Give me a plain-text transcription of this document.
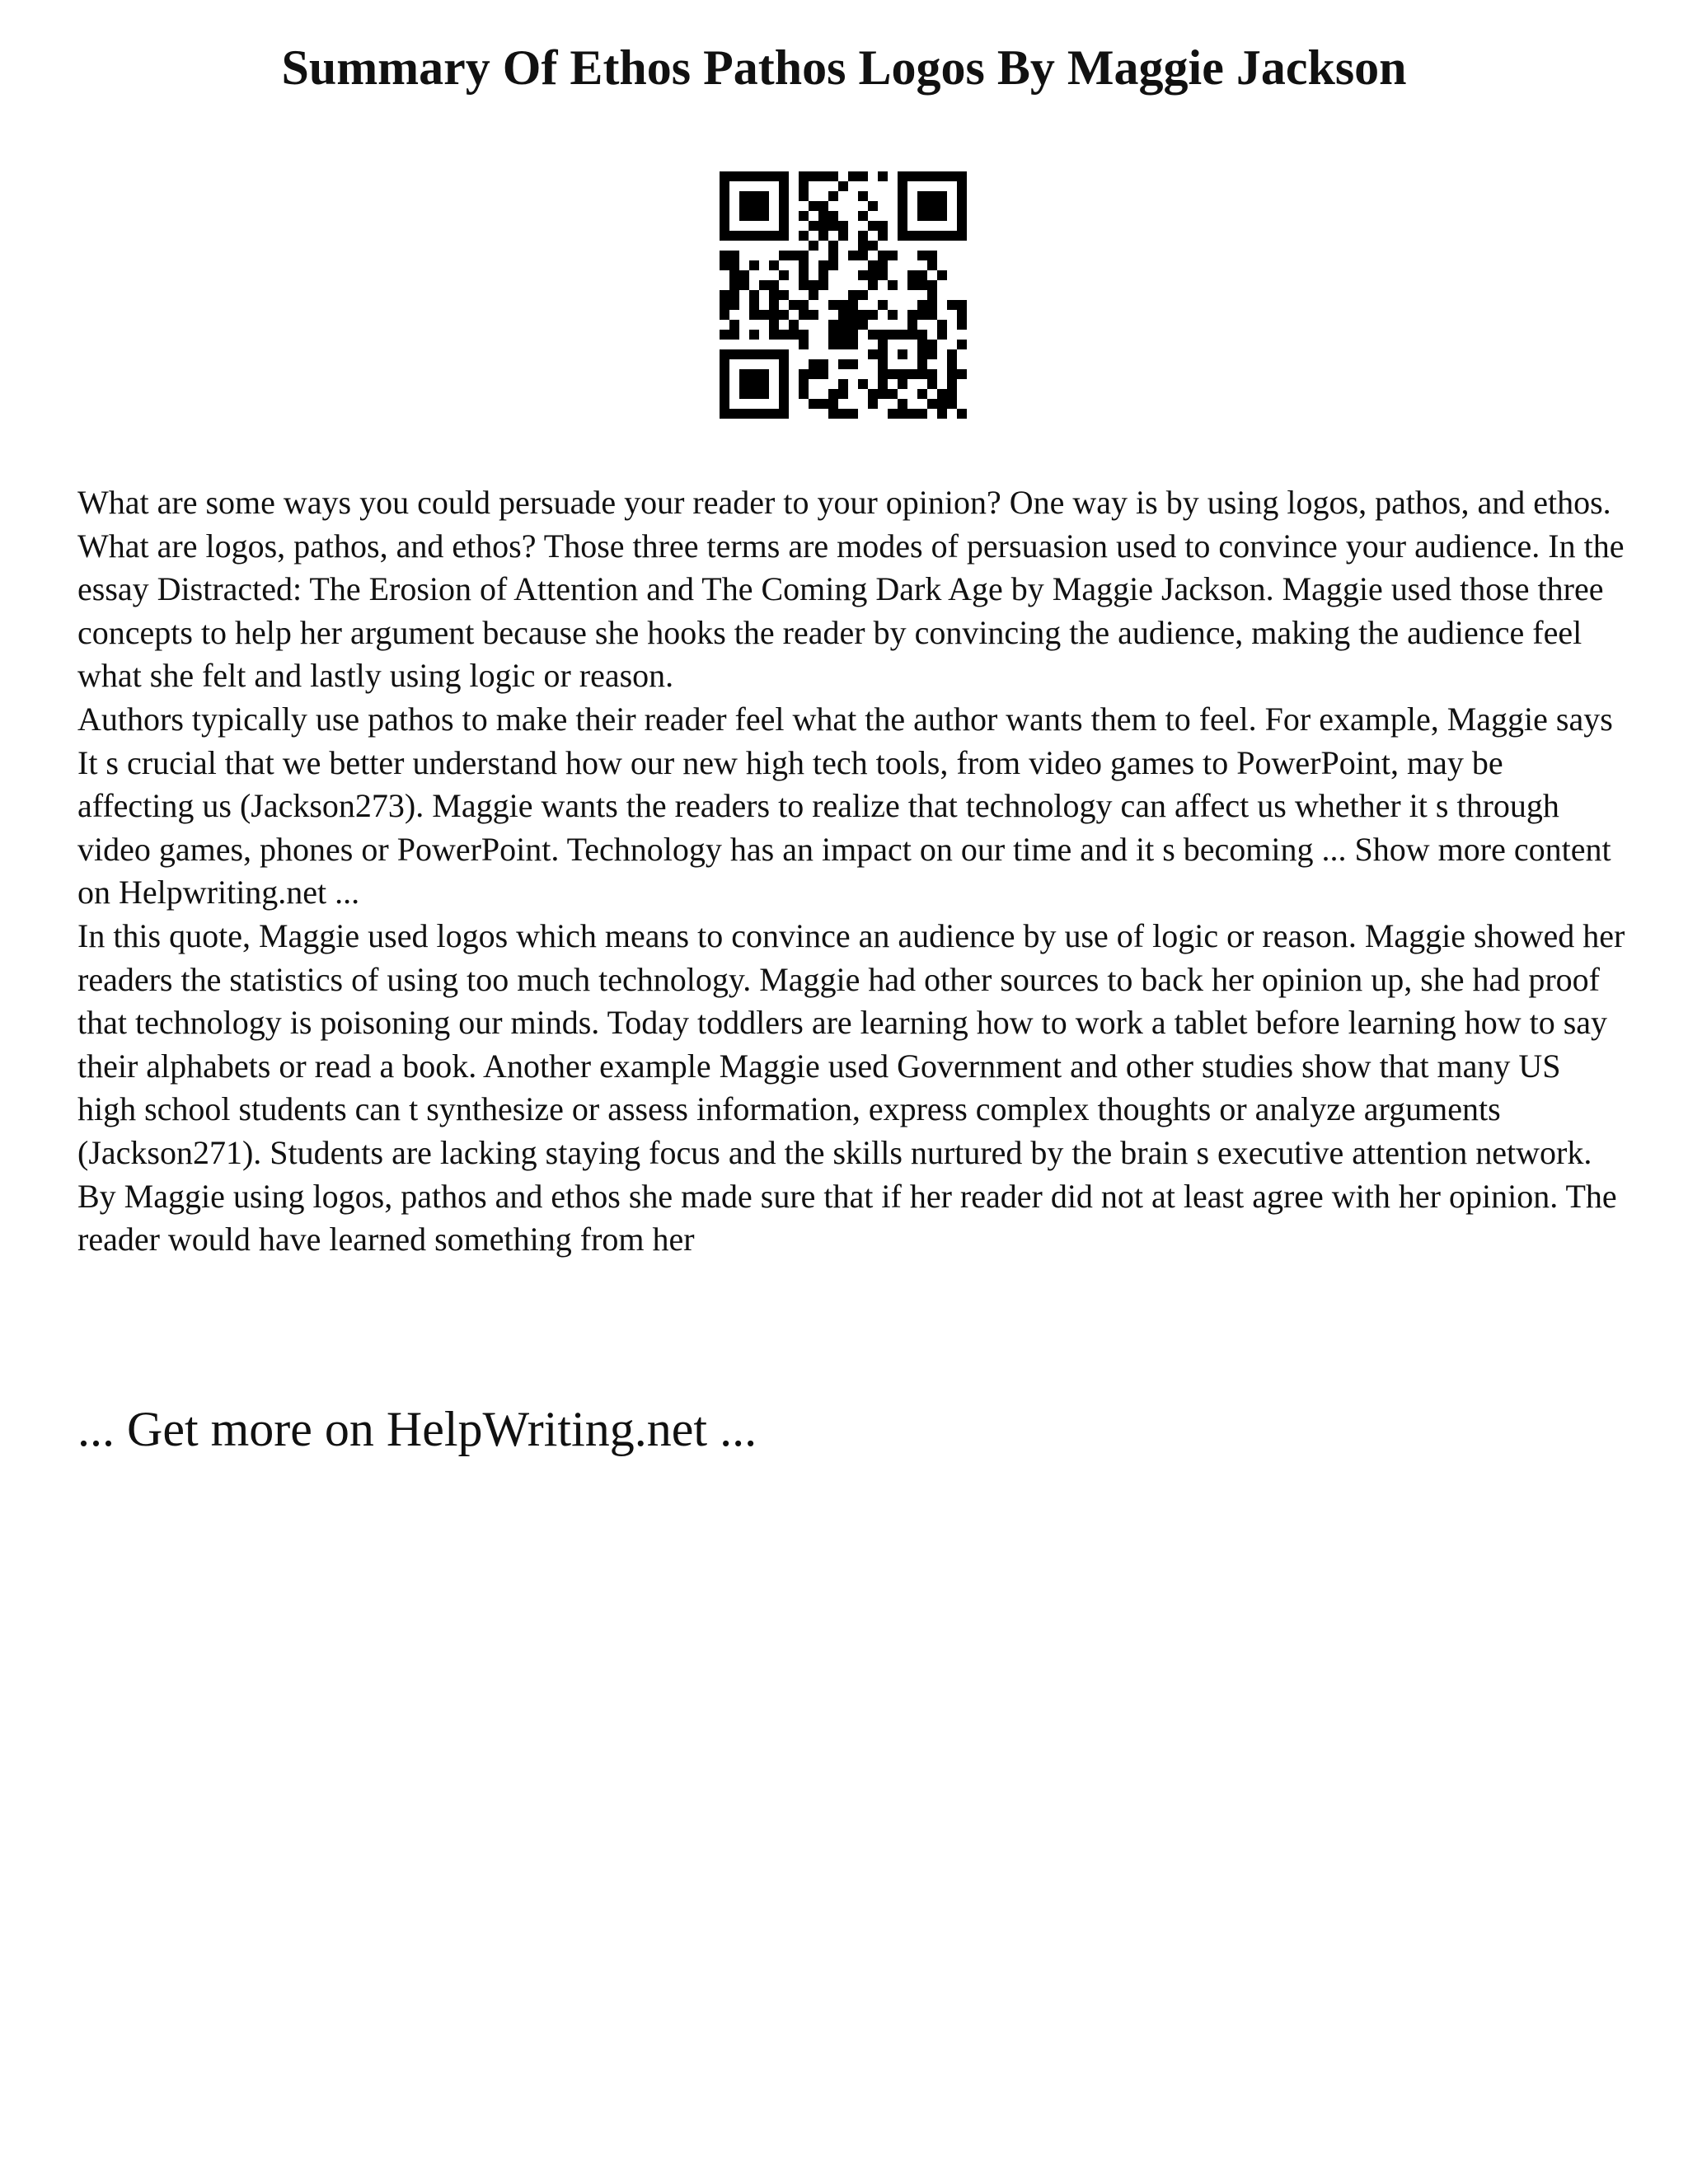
Summary Of Ethos Pathos Logos By Maggie Jackson

What are some ways you could persuade your reader to your opinion? One way is by using logos, pathos, and ethos. What are logos, pathos, and ethos? Those three terms are modes of persuasion used to convince your audience. In the essay Distracted: The Erosion of Attention and The Coming Dark Age by Maggie Jackson. Maggie used those three concepts to help her argument because she hooks the reader by convincing the audience, making the audience feel what she felt and lastly using logic or reason.

Authors typically use pathos to make their reader feel what the author wants them to feel. For example, Maggie says It s crucial that we better understand how our new high tech tools, from video games to PowerPoint, may be affecting us (Jackson273). Maggie wants the readers to realize that technology can affect us whether it s through video games, phones or PowerPoint. Technology has an impact on our time and it s becoming ... Show more content on Helpwriting.net ...

In this quote, Maggie used logos which means to convince an audience by use of logic or reason. Maggie showed her readers the statistics of using too much technology. Maggie had other sources to back her opinion up, she had proof that technology is poisoning our minds. Today toddlers are learning how to work a tablet before learning how to say their alphabets or read a book. Another example Maggie used Government and other studies show that many US high school students can t synthesize or assess information, express complex thoughts or analyze arguments (Jackson271). Students are lacking staying focus and the skills nurtured by the brain s executive attention network. By Maggie using logos, pathos and ethos she made sure that if her reader did not at least agree with her opinion. The reader would have learned something from her

... Get more on HelpWriting.net ...
